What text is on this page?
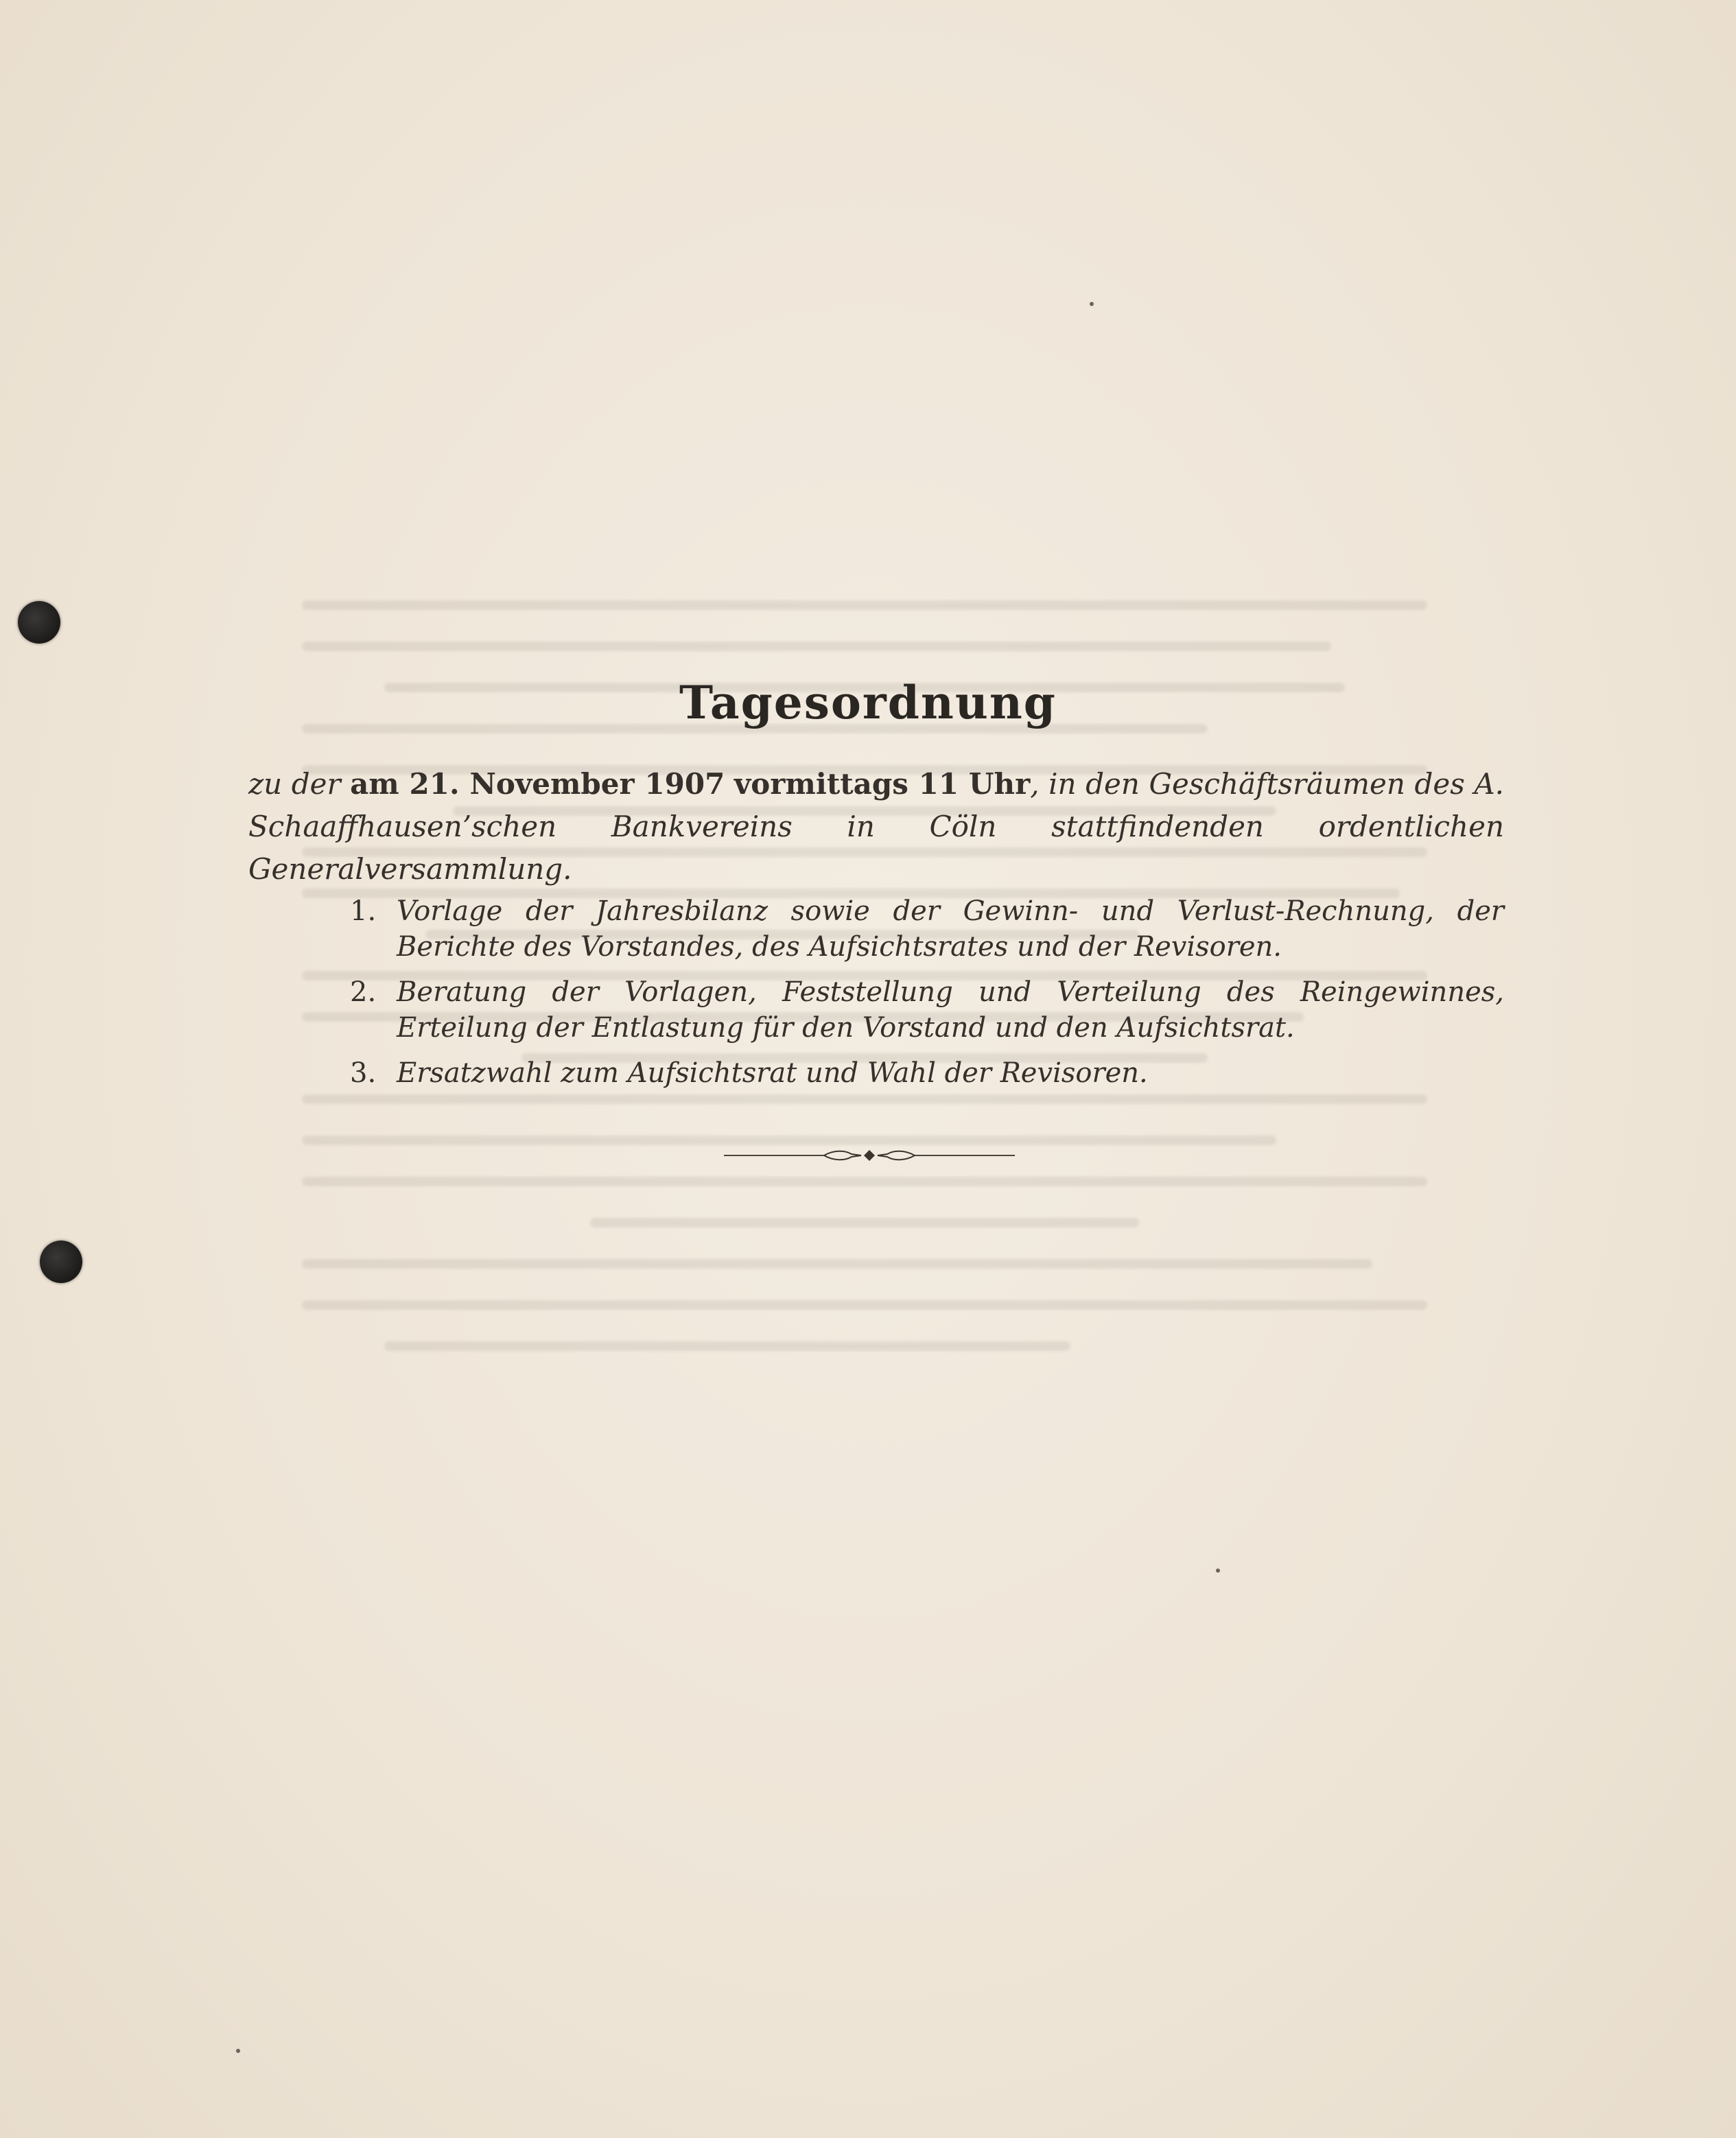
Tagesordnung
zu der am 21. November 1907 vormittags 11 Uhr, in den Geschäftsräumen des A. Schaaffhausen’schen Bankvereins in Cöln stattfindenden ordentlichen Generalversammlung.
1. Vorlage der Jahresbilanz sowie der Gewinn- und Verlust-Rechnung, der Berichte des Vorstandes, des Aufsichtsrates und der Revisoren.
2. Beratung der Vorlagen, Feststellung und Verteilung des Reingewinnes, Erteilung der Entlastung für den Vorstand und den Aufsichtsrat.
3. Ersatzwahl zum Aufsichtsrat und Wahl der Revisoren.
